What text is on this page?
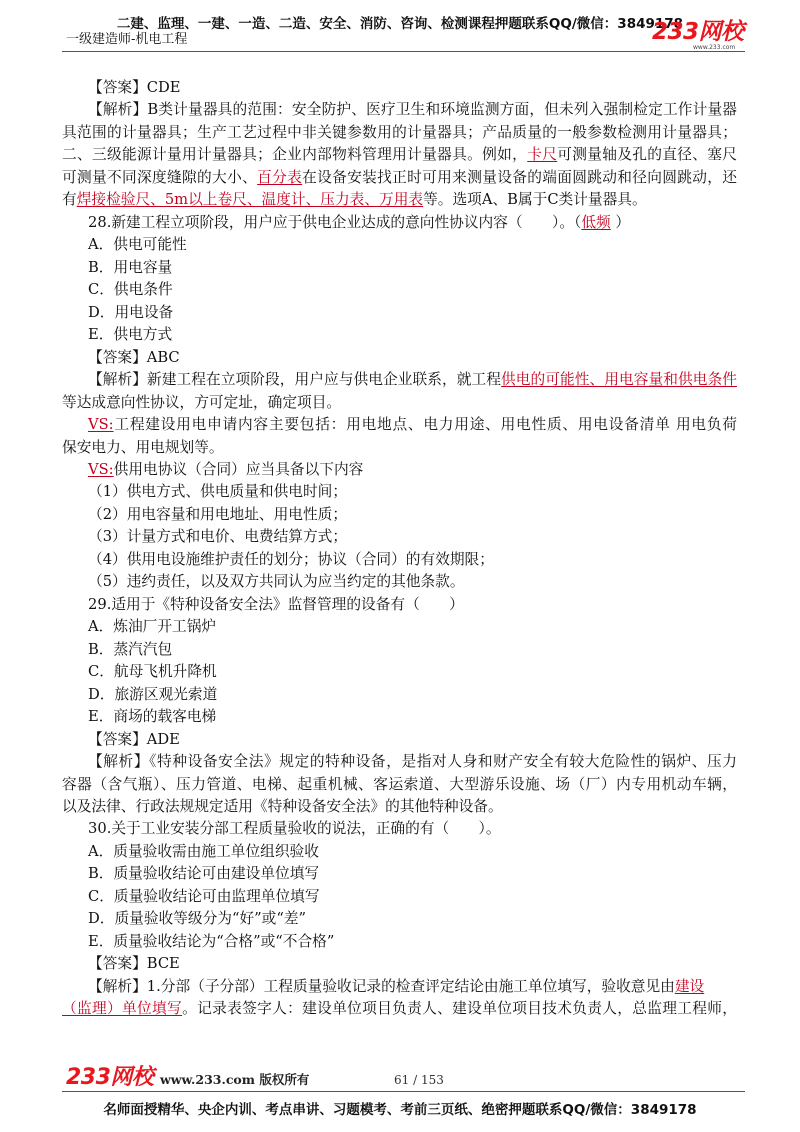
二建、监理、一建、一造、二造、安全、消防、咨询、检测课程押题联系QQ/微信：3849178
一级建造师-机电工程	233网校
www.233.com
【答案】CDE
【解析】B类计量器具的范围：安全防护、医疗卫生和环境监测方面，但未列入强制检定工作计量器
具范围的计量器具；生产工艺过程中非关键参数用的计量器具；产品质量的一般参数检测用计量器具；
二、三级能源计量用计量器具；企业内部物料管理用计量器具。例如，卡尺可测量轴及孔的直径、塞尺
可测量不同深度缝隙的大小、百分表在设备安装找正时可用来测量设备的端面圆跳动和径向圆跳动，还
有焊接检验尺、5m以上卷尺、温度计、压力表、万用表等。选项A、B属于C类计量器具。
28.新建工程立项阶段，用户应于供电企业达成的意向性协议内容（　　）。（低频 ）
A．供电可能性
B．用电容量
C．供电条件
D．用电设备
E．供电方式
【答案】ABC
【解析】新建工程在立项阶段，用户应与供电企业联系，就工程供电的可能性、用电容量和供电条件
等达成意向性协议，方可定址，确定项目。
VS:工程建设用电申请内容主要包括：用电地点、电力用途、用电性质、用电设备清单 用电负荷
保安电力、用电规划等。
VS:供用电协议（合同）应当具备以下内容
（1）供电方式、供电质量和供电时间；
（2）用电容量和用电地址、用电性质；
（3）计量方式和电价、电费结算方式；
（4）供用电设施维护责任的划分；协议（合同）的有效期限；
（5）违约责任，以及双方共同认为应当约定的其他条款。
29.适用于《特种设备安全法》监督管理的设备有（　　）
A．炼油厂开工锅炉
B．蒸汽汽包
C．航母飞机升降机
D．旅游区观光索道
E．商场的载客电梯
【答案】ADE
【解析】《特种设备安全法》规定的特种设备，是指对人身和财产安全有较大危险性的锅炉、压力
容器（含气瓶）、压力管道、电梯、起重机械、客运索道、大型游乐设施、场（厂）内专用机动车辆，
以及法律、行政法规规定适用《特种设备安全法》的其他特种设备。
30.关于工业安装分部工程质量验收的说法，正确的有（　　）。
A．质量验收需由施工单位组织验收
B．质量验收结论可由建设单位填写
C．质量验收结论可由监理单位填写
D．质量验收等级分为“好”或“差”
E．质量验收结论为“合格”或“不合格”
【答案】BCE
【解析】1.分部（子分部）工程质量验收记录的检查评定结论由施工单位填写，验收意见由建设
（监理）单位填写。记录表签字人：建设单位项目负责人、建设单位项目技术负责人，总监理工程师，
233网校 www.233.com 版权所有	61 / 153
名师面授精华、央企内训、考点串讲、习题模考、考前三页纸、绝密押题联系QQ/微信：3849178
